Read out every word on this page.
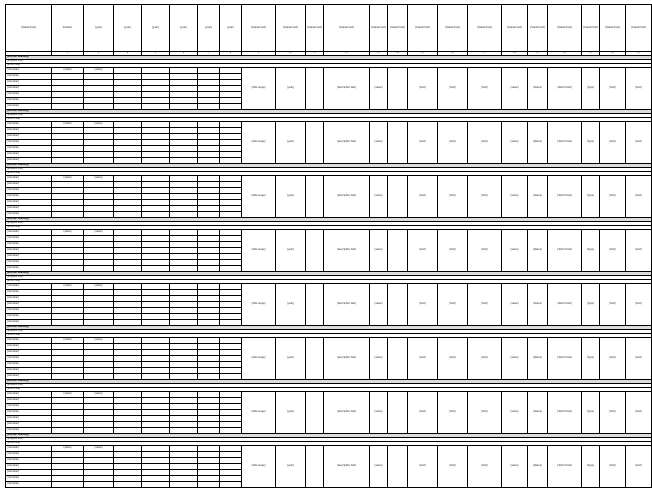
[header text]	[header]	[year]	[year]	[year]	[year]	[year]	[year]	[header text]	[header text]	[header text]	[header text]	[header text]	[header text]	[header text]	[header text]	[header text]	[header text]	[header text]	[header text]	[header text]	[header text]	[header text]
1	2	3	4	5	6	7	8	9	10	11	12	13	14	15	16	17	18	19	20	21	22	23
[section heading]																						
[program line]																						
[action line]																						
[row label]	[value]	[value]						[date range]	[year]		[description text]	[value]		[text]	[text]	[text]	[value]	[status]	[district text]	[type]	[text]	[text]
[row label]																						
[row label]																						
[row label]																						
[row label]																						
[row label]																						
[row label]																						
[section heading]																						
[program line]																						
[action line]																						
[row label]	[value]	[value]						[date range]	[year]		[description text]	[value]		[text]	[text]	[text]	[value]	[status]	[district text]	[type]	[text]	[text]
[row label]																						
[row label]																						
[row label]																						
[row label]																						
[row label]																						
[row label]																						
[section heading]																						
[program line]																						
[action line]																						
[row label]	[value]	[value]						[date range]	[year]		[description text]	[value]		[text]	[text]	[text]	[value]	[status]	[district text]	[type]	[text]	[text]
[row label]																						
[row label]																						
[row label]																						
[row label]																						
[row label]																						
[row label]																						
[section heading]																						
[program line]																						
[action line]																						
[row label]	[value]	[value]						[date range]	[year]		[description text]	[value]		[text]	[text]	[text]	[value]	[status]	[district text]	[type]	[text]	[text]
[row label]																						
[row label]																						
[row label]																						
[row label]																						
[row label]																						
[row label]																						
[section heading]																						
[program line]																						
[action line]																						
[row label]	[value]	[value]						[date range]	[year]		[description text]	[value]		[text]	[text]	[text]	[value]	[status]	[district text]	[type]	[text]	[text]
[row label]																						
[row label]																						
[row label]																						
[row label]																						
[row label]																						
[row label]																						
[section heading]																						
[program line]																						
[action line]																						
[row label]	[value]	[value]						[date range]	[year]		[description text]	[value]		[text]	[text]	[text]	[value]	[status]	[district text]	[type]	[text]	[text]
[row label]																						
[row label]																						
[row label]																						
[row label]																						
[row label]																						
[row label]																						
[section heading]																						
[program line]																						
[action line]																						
[row label]	[value]	[value]						[date range]	[year]		[description text]	[value]		[text]	[text]	[text]	[value]	[status]	[district text]	[type]	[text]	[text]
[row label]																						
[row label]																						
[row label]																						
[row label]																						
[row label]																						
[row label]																						
[section heading]																						
[program line]																						
[action line]																						
[row label]	[value]	[value]						[date range]	[year]		[description text]	[value]		[text]	[text]	[text]	[value]	[status]	[district text]	[type]	[text]	[text]
[row label]																						
[row label]																						
[row label]																						
[row label]																						
[row label]																						
[row label]																						
